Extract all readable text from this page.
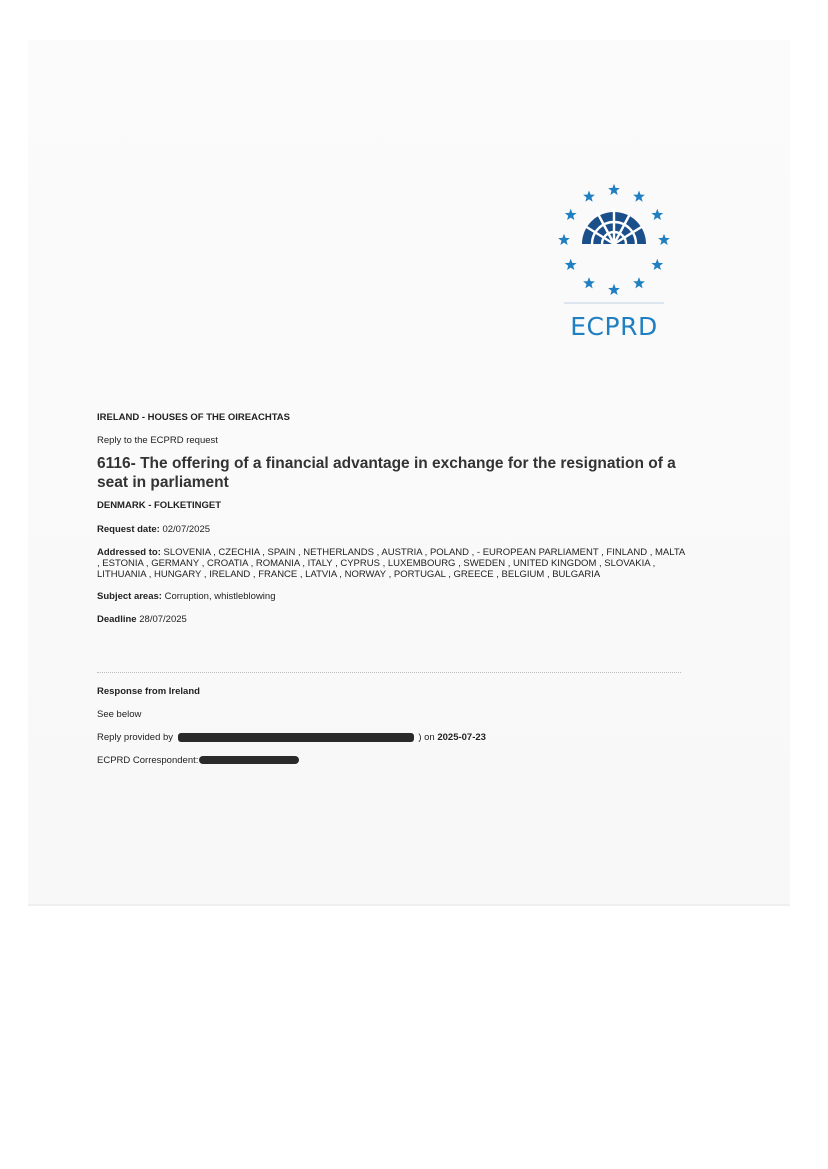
ECPRD

IRELAND - HOUSES OF THE OIREACHTAS

Reply to the ECPRD request

6116- The offering of a financial advantage in exchange for the resignation of a seat in parliament

DENMARK - FOLKETINGET

Request date: 02/07/2025

Addressed to: SLOVENIA , CZECHIA , SPAIN , NETHERLANDS , AUSTRIA , POLAND , - EUROPEAN PARLIAMENT , FINLAND , MALTA , ESTONIA , GERMANY , CROATIA , ROMANIA , ITALY , CYPRUS , LUXEMBOURG , SWEDEN , UNITED KINGDOM , SLOVAKIA , LITHUANIA , HUNGARY , IRELAND , FRANCE , LATVIA , NORWAY , PORTUGAL , GREECE , BELGIUM , BULGARIA

Subject areas: Corruption, whistleblowing

Deadline 28/07/2025

Response from Ireland

See below

Reply provided by	) on 2025-07-23

ECPRD Correspondent:
